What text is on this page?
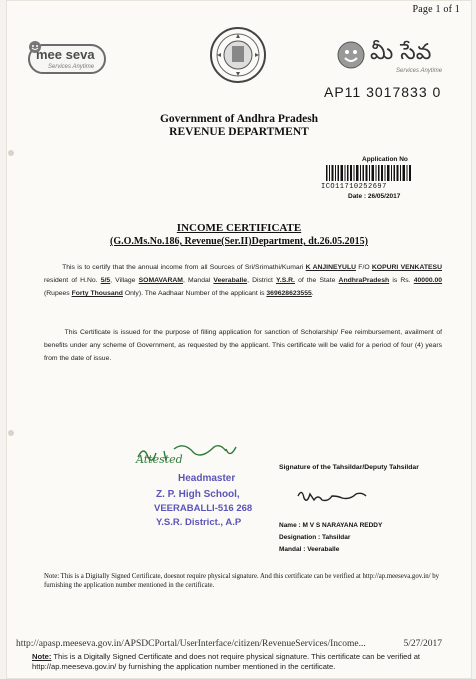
Page 1 of 1
mee seva
Services Anytime
మీ సేవ
Services Anytime
AP11 3017833 0
Government of Andhra Pradesh
REVENUE DEPARTMENT
Application No
ICO11710252697
Date : 26/05/2017
INCOME CERTIFICATE
(G.O.Ms.No.186, Revenue(Ser.II)Department, dt.26.05.2015)
This is to certify that the annual income from all Sources of Sri/Srimathi/Kumari K ANJINEYULU F/O KOPURI VENKATESU resident of H.No. 5/5, Village SOMAVARAM, Mandal Veeraballe, District Y.S.R. of the State AndhraPradesh is Rs. 40000.00 (Rupees Forty Thousand Only). The Aadhaar Number of the applicant is 369628623555.
This Certificate is issued for the purpose of filling application for sanction of Scholarship/ Fee reimbursement, availment of benefits under any scheme of Government, as requested by the applicant. This certificate will be valid for a period of four (4) years from the date of issue.
Attested
Headmaster
Z. P. High School,
VEERABALLI-516 268
Y.S.R. District., A.P
Signature of the Tahsildar/Deputy Tahsildar
Name : M V S NARAYANA REDDY
Designation : Tahsildar
Mandal : Veeraballe
Note: This is a Digitally Signed Certificate, doesnot require physical signature. And this certificate can be verified at http://ap.meeseva.gov.in/ by furnishing the application number mentioned in the certificate.
http://apasp.meeseva.gov.in/APSDCPortal/UserInterface/citizen/RevenueServices/Income...	5/27/2017
Note: This is a Digitally Signed Certificate and does not require physical signature. This certificate can be verified at http://ap.meeseva.gov.in/ by furnishing the application number mentioned in the certificate.
